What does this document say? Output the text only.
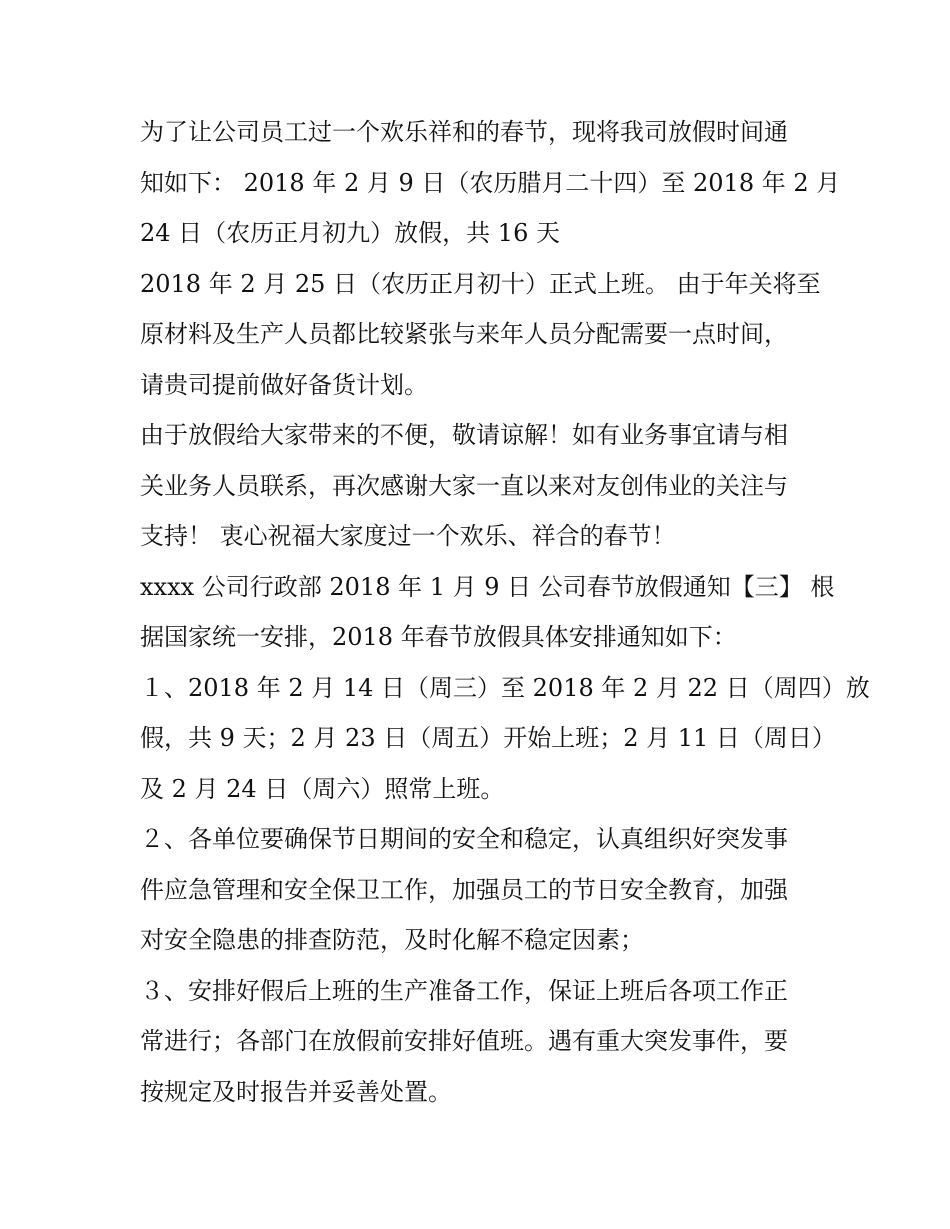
为了让公司员工过一个欢乐祥和的春节，现将我司放假时间通
知如下： 2018 年 2 月 9 日（农历腊月二十四）至 2018 年 2 月
24 日（农历正月初九）放假，共 16 天
2018 年 2 月 25 日（农历正月初十）正式上班。 由于年关将至
原材料及生产人员都比较紧张与来年人员分配需要一点时间，
请贵司提前做好备货计划。
由于放假给大家带来的不便，敬请谅解！如有业务事宜请与相
关业务人员联系，再次感谢大家一直以来对友创伟业的关注与
支持！ 衷心祝福大家度过一个欢乐、祥合的春节！
xxxx 公司行政部 2018 年 1 月 9 日 公司春节放假通知【三】 根
据国家统一安排，2018 年春节放假具体安排通知如下：
１、2018 年 2 月 14 日（周三）至 2018 年 2 月 22 日（周四）放
假，共 9 天；2 月 23 日（周五）开始上班；2 月 11 日（周日）
及 2 月 24 日（周六）照常上班。
２、各单位要确保节日期间的安全和稳定，认真组织好突发事
件应急管理和安全保卫工作，加强员工的节日安全教育，加强
对安全隐患的排查防范，及时化解不稳定因素；
３、安排好假后上班的生产准备工作，保证上班后各项工作正
常进行；各部门在放假前安排好值班。遇有重大突发事件，要
按规定及时报告并妥善处置。
